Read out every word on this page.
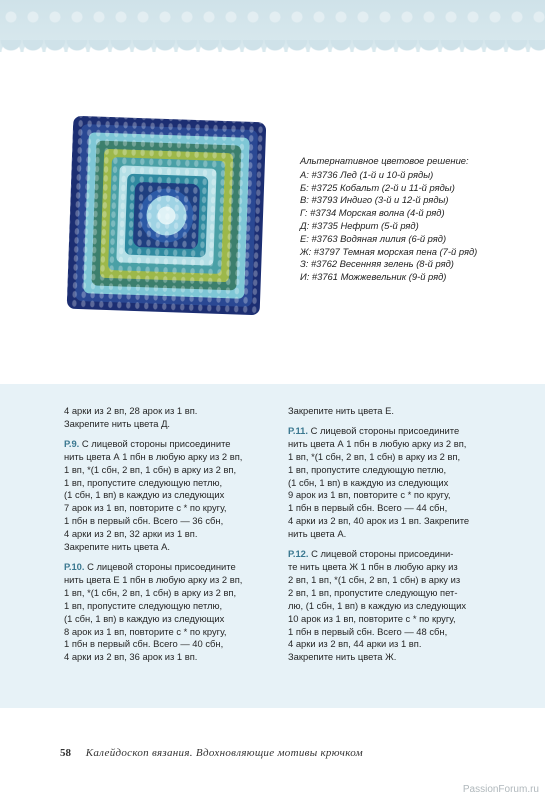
Альтернативное цветовое решение:
А: #3736 Лед (1-й и 10-й ряды)
Б: #3725 Кобальт (2-й и 11-й ряды)
В: #3793 Индиго (3-й и 12-й ряды)
Г: #3734 Морская волна (4-й ряд)
Д: #3735 Нефрит (5-й ряд)
Е: #3763 Водяная лилия (6-й ряд)
Ж: #3797 Темная морская пена (7-й ряд)
З: #3762 Весенняя зелень (8-й ряд)
И: #3761 Можжевельник (9-й ряд)

4 арки из 2 вп, 28 арок из 1 вп.
Закрепите нить цвета Д.

Р.9. С лицевой стороны присоедините
нить цвета А 1 пбн в любую арку из 2 вп,
1 вп, *(1 сбн, 2 вп, 1 сбн) в арку из 2 вп,
1 вп, пропустите следующую петлю,
(1 сбн, 1 вп) в каждую из следующих
7 арок из 1 вп, повторите с * по кругу,
1 пбн в первый сбн. Всего — 36 сбн,
4 арки из 2 вп, 32 арки из 1 вп.
Закрепите нить цвета А.

Р.10. С лицевой стороны присоедините
нить цвета Е 1 пбн в любую арку из 2 вп,
1 вп, *(1 сбн, 2 вп, 1 сбн) в арку из 2 вп,
1 вп, пропустите следующую петлю,
(1 сбн, 1 вп) в каждую из следующих
8 арок из 1 вп, повторите с * по кругу,
1 пбн в первый сбн. Всего — 40 сбн,
4 арки из 2 вп, 36 арок из 1 вп.

Закрепите нить цвета Е.

Р.11. С лицевой стороны присоедините
нить цвета А 1 пбн в любую арку из 2 вп,
1 вп, *(1 сбн, 2 вп, 1 сбн) в арку из 2 вп,
1 вп, пропустите следующую петлю,
(1 сбн, 1 вп) в каждую из следующих
9 арок из 1 вп, повторите с * по кругу,
1 пбн в первый сбн. Всего — 44 сбн,
4 арки из 2 вп, 40 арок из 1 вп. Закрепите
нить цвета А.

Р.12. С лицевой стороны присоедини-
те нить цвета Ж 1 пбн в любую арку из
2 вп, 1 вп, *(1 сбн, 2 вп, 1 сбн) в арку из
2 вп, 1 вп, пропустите следующую пет-
лю, (1 сбн, 1 вп) в каждую из следующих
10 арок из 1 вп, повторите с * по кругу,
1 пбн в первый сбн. Всего — 48 сбн,
4 арки из 2 вп, 44 арки из 1 вп.
Закрепите нить цвета Ж.

58 Калейдоскоп вязания. Вдохновляющие мотивы крючком
PassionForum.ru
